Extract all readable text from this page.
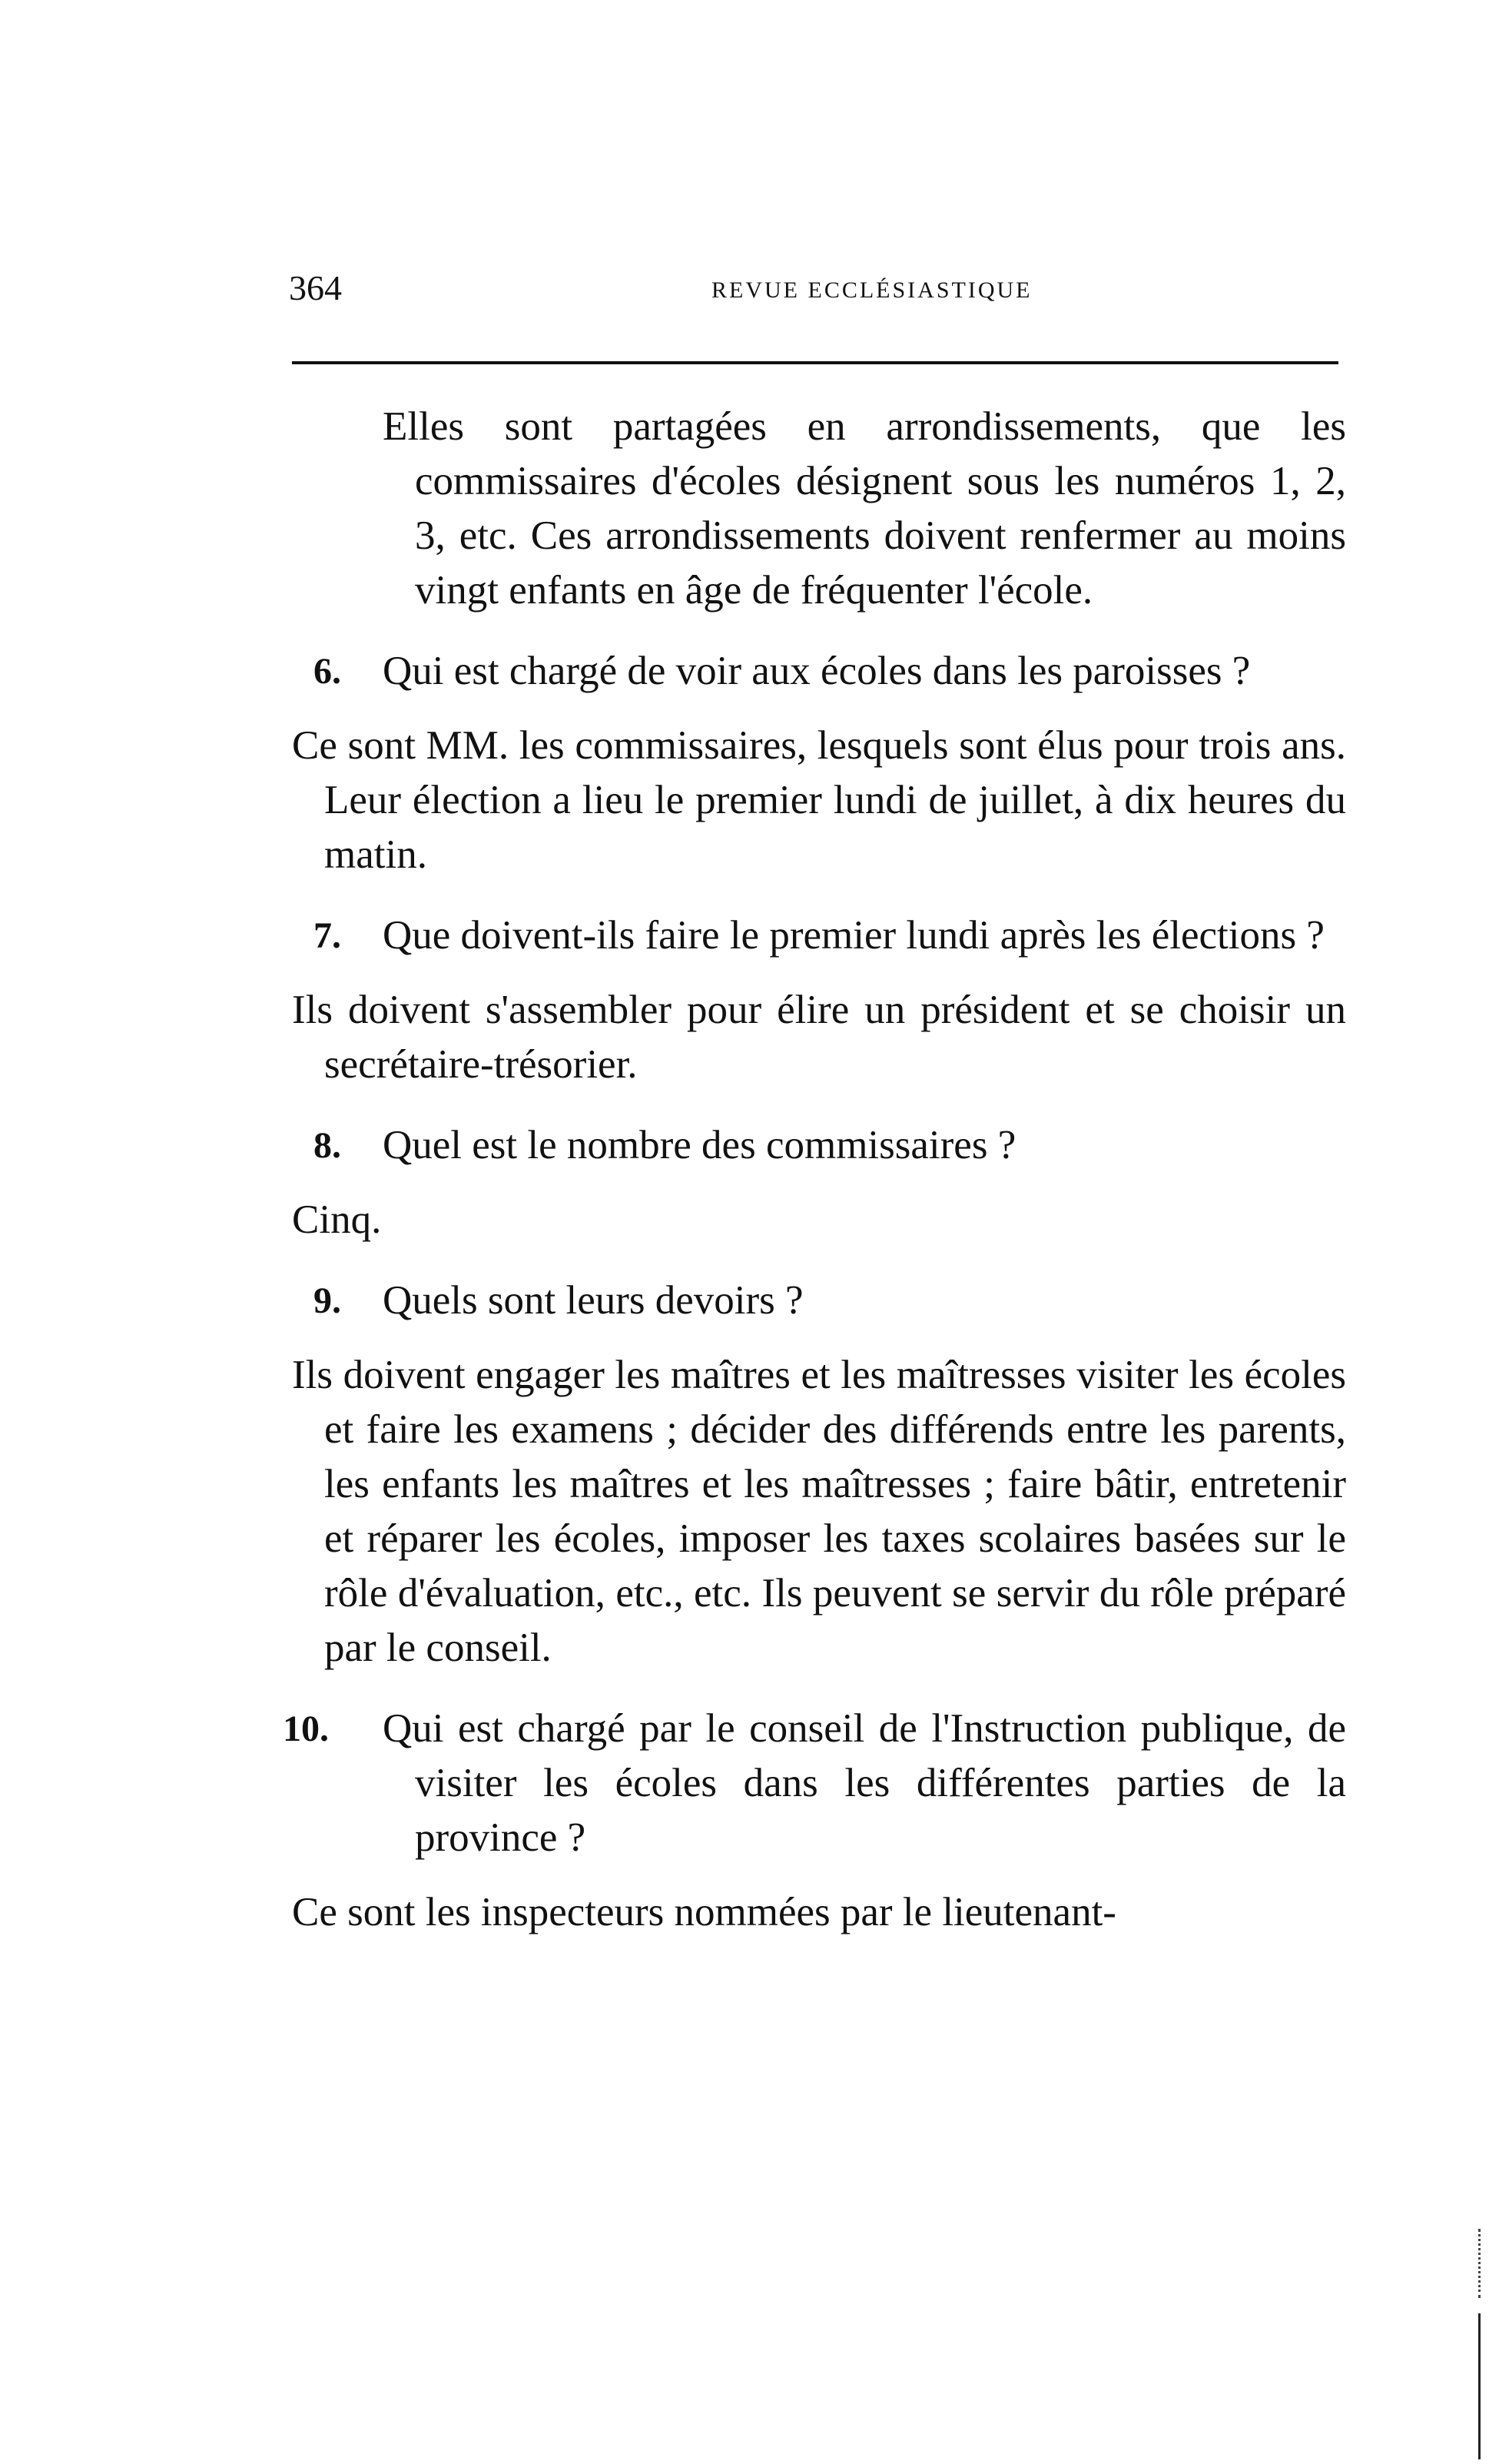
364	REVUE ECCLÉSIASTIQUE

Elles sont partagées en arrondissements, que les commissaires d'écoles désignent sous les numéros 1, 2, 3, etc. Ces arrondissements doivent renfermer au moins vingt enfants en âge de fréquenter l'école.

6.	Qui est chargé de voir aux écoles dans les paroisses ?

Ce sont MM. les commissaires, lesquels sont élus pour trois ans. Leur élection a lieu le premier lundi de juillet, à dix heures du matin.

7.	Que doivent-ils faire le premier lundi après les élections ?

Ils doivent s'assembler pour élire un président et se choisir un secrétaire-trésorier.

8.	Quel est le nombre des commissaires ?

Cinq.

9.	Quels sont leurs devoirs ?

Ils doivent engager les maîtres et les maîtresses visiter les écoles et faire les examens ; décider des différends entre les parents, les enfants les maîtres et les maîtresses ; faire bâtir, entretenir et réparer les écoles, imposer les taxes scolaires basées sur le rôle d'évaluation, etc., etc. Ils peuvent se servir du rôle préparé par le conseil.

10.	Qui est chargé par le conseil de l'Instruction publique, de visiter les écoles dans les différentes parties de la province ?

Ce sont les inspecteurs nommées par le lieutenant-
